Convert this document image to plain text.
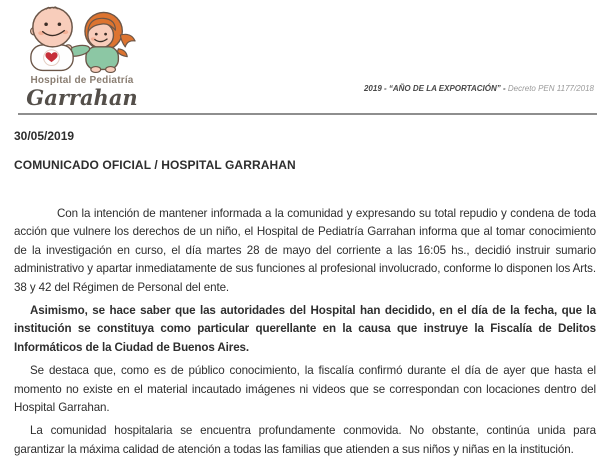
Hospital de Pediatría
Garrahan	2019 - “AÑO DE LA EXPORTACIÓN” - Decreto PEN 1177/2018

30/05/2019

COMUNICADO OFICIAL / HOSPITAL GARRAHAN

Con la intención de mantener informada a la comunidad y expresando su total repudio y condena de toda acción que vulnere los derechos de un niño, el Hospital de Pediatría Garrahan informa que al tomar conocimiento de la investigación en curso, el día martes 28 de mayo del corriente a las 16:05 hs., decidió instruir sumario administrativo y apartar inmediatamente de sus funciones al profesional involucrado, conforme lo disponen los Arts. 38 y 42 del Régimen de Personal del ente.

Asimismo, se hace saber que las autoridades del Hospital han decidido, en el día de la fecha, que la institución se constituya como particular querellante en la causa que instruye la Fiscalía de Delitos Informáticos de la Ciudad de Buenos Aires.

Se destaca que, como es de público conocimiento, la fiscalía confirmó durante el día de ayer que hasta el momento no existe en el material incautado imágenes ni videos que se correspondan con locaciones dentro del Hospital Garrahan.

La comunidad hospitalaria se encuentra profundamente conmovida. No obstante, continúa unida para garantizar la máxima calidad de atención a todas las familias que atienden a sus niños y niñas en la institución.
